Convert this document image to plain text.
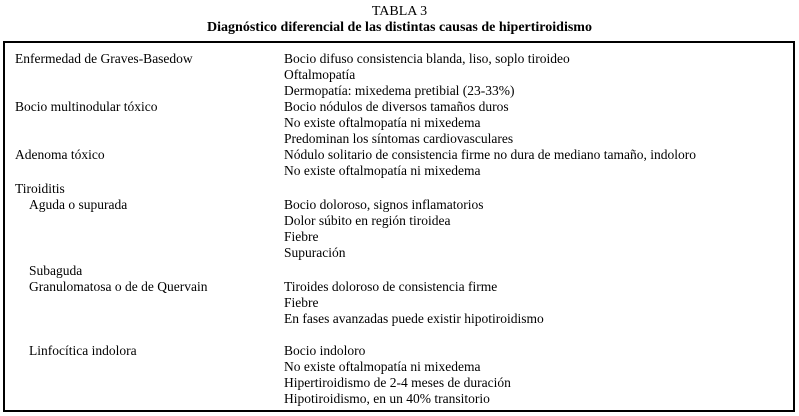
TABLA 3
Diagnóstico diferencial de las distintas causas de hipertiroidismo
Enfermedad de Graves-Basedow	Bocio difuso consistencia blanda, liso, soplo tiroideo
Oftalmopatía
Dermopatía: mixedema pretibial (23-33%)
Bocio multinodular tóxico	Bocio nódulos de diversos tamaños duros
No existe oftalmopatía ni mixedema
Predominan los síntomas cardiovasculares
Adenoma tóxico	Nódulo solitario de consistencia firme no dura de mediano tamaño, indoloro
No existe oftalmopatía ni mixedema
Tiroiditis
Aguda o supurada	Bocio doloroso, signos inflamatorios
Dolor súbito en región tiroidea
Fiebre
Supuración
Subaguda
Granulomatosa o de de Quervain	Tiroides doloroso de consistencia firme
Fiebre
En fases avanzadas puede existir hipotiroidismo
Linfocítica indolora	Bocio indoloro
No existe oftalmopatía ni mixedema
Hipertiroidismo de 2-4 meses de duración
Hipotiroidismo, en un 40% transitorio
